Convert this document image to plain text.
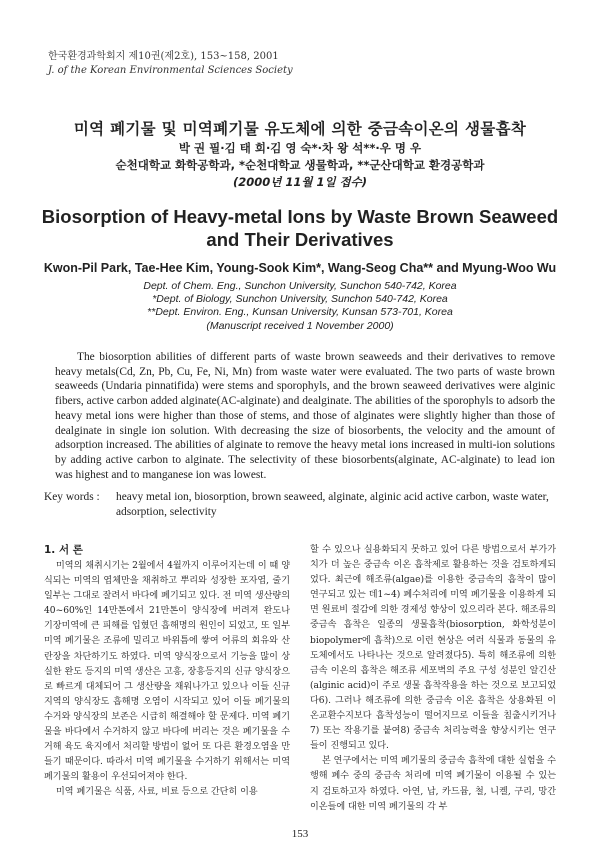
한국환경과학회지 제10권(제2호), 153~158, 2001
J. of the Korean Environmental Sciences Society
미역 폐기물 및 미역폐기물 유도체에 의한 중금속이온의 생물흡착
박 권 필·김 태 희·김 영 숙*·차 왕 석**·우 명 우
순천대학교 화학공학과, *순천대학교 생물학과, **군산대학교 환경공학과
(2000년 11월 1일 접수)
Biosorption of Heavy-metal Ions by Waste Brown Seaweed and Their Derivatives
Kwon-Pil Park, Tae-Hee Kim, Young-Sook Kim*, Wang-Seog Cha** and Myung-Woo Wu
Dept. of Chem. Eng., Sunchon University, Sunchon 540-742, Korea
*Dept. of Biology, Sunchon University, Sunchon 540-742, Korea
**Dept. Environ. Eng., Kunsan University, Kunsan 573-701, Korea
(Manuscript received 1 November 2000)
The biosorption abilities of different parts of waste brown seaweeds and their derivatives to remove heavy metals(Cd, Zn, Pb, Cu, Fe, Ni, Mn) from waste water were evaluated. The two parts of waste brown seaweeds (Undaria pinnatifida) were stems and sporophyls, and the brown seaweed derivatives were alginic fibers, active carbon added alginate(AC-alginate) and dealginate. The abilities of the sporophyls to adsorb the heavy metal ions were higher than those of stems, and those of alginates were slightly higher than those of dealginate in single ion solution. With decreasing the size of biosorbents, the velocity and the amount of adsorption increased. The abilities of alginate to remove the heavy metal ions increased in multi-ion solutions by adding active carbon to alginate. The selectivity of these biosorbents(alginate, AC-alginate) to lead ion was highest and to manganese ion was lowest.
Key words : heavy metal ion, biosorption, brown seaweed, alginate, alginic acid active carbon, waste water,
adsorption, selectivity
1. 서 론

미역의 채취시기는 2월에서 4월까지 이루어지는데 이 때 양식되는 미역의 엽체만을 채취하고 뿌리와 성장한 포자엽, 줄기 일부는 그대로 잘려서 바다에 폐기되고 있다. 전 미역 생산량의 40~60%인 14만톤에서 21만톤이 양식장에 버려져 완도나 기장미역에 큰 피해를 입혔던 흡해명의 원인이 되었고, 또 일부 미역 폐기물은 조류에 밀리고 바위틈에 쌓여 어류의 회유와 산란장을 차단하기도 하였다. 미역 양식장으로서 기능을 많이 상실한 완도 등지의 미역 생산은 고흥, 장흥등지의 신규 양식장으로 빠르게 대체되어 그 생산량을 채워나가고 있으나 이들 신규지역의 양식장도 흡해명 오염이 시작되고 있어 이들 폐기물의 수거와 양식장의 보존은 시급히 해결해야 할 문제다. 미역 폐기물을 바다에서 수거하지 않고 바다에 버리는 것은 폐기물을 수거해 육도 육지에서 처리할 방법이 없어 또 다른 환경오염을 만들기 때문이다. 따라서 미역 폐기물을 수거하기 위해서는 미역 폐기물의 활용이 우선되어져야 한다.

미역 폐기물은 식품, 사료, 비료 등으로 간단히 이용

할 수 있으나 실용화되지 못하고 있어 다른 방법으로서 부가가치가 더 높은 중금속 이온 흡착제로 활용하는 것을 검토하게되었다. 최근에 해조류(algae)를 이용한 중금속의 흡착이 많이 연구되고 있는 데1~4) 폐수처리에 미역 폐기물을 이용하게 되면 원료비 절감에 의한 경제성 향상이 있으리라 본다. 해조류의 중금속 흡착은 일종의 생물흡착(biosorption, 화학성분이 biopolymer에 흡착)으로 이런 현상은 여러 식물과 동물의 유도체에서도 나타나는 것으로 알려졌다5). 특히 해조류에 의한 금속 이온의 흡착은 해조류 세포벽의 주요 구성 성분인 알긴산(alginic acid)이 주로 생물 흡착작용을 하는 것으로 보고되었다6). 그러나 해조류에 의한 중금속 이온 흡착은 상용화된 이온교환수지보다 흡착성능이 떨어지므로 이들을 침출시키거나7) 또는 작용기를 붙여8) 중금속 처리능력을 향상시키는 연구들이 진행되고 있다.

본 연구에서는 미역 폐기물의 중금속 흡착에 대한 실험을 수행해 폐수 중의 중금속 처리에 미역 폐기물이 이용될 수 있는 지 검토하고자 하였다. 아연, 납, 카드뮴, 철, 니켈, 구리, 망간 이온들에 대한 미역 폐기물의 각 부

153
